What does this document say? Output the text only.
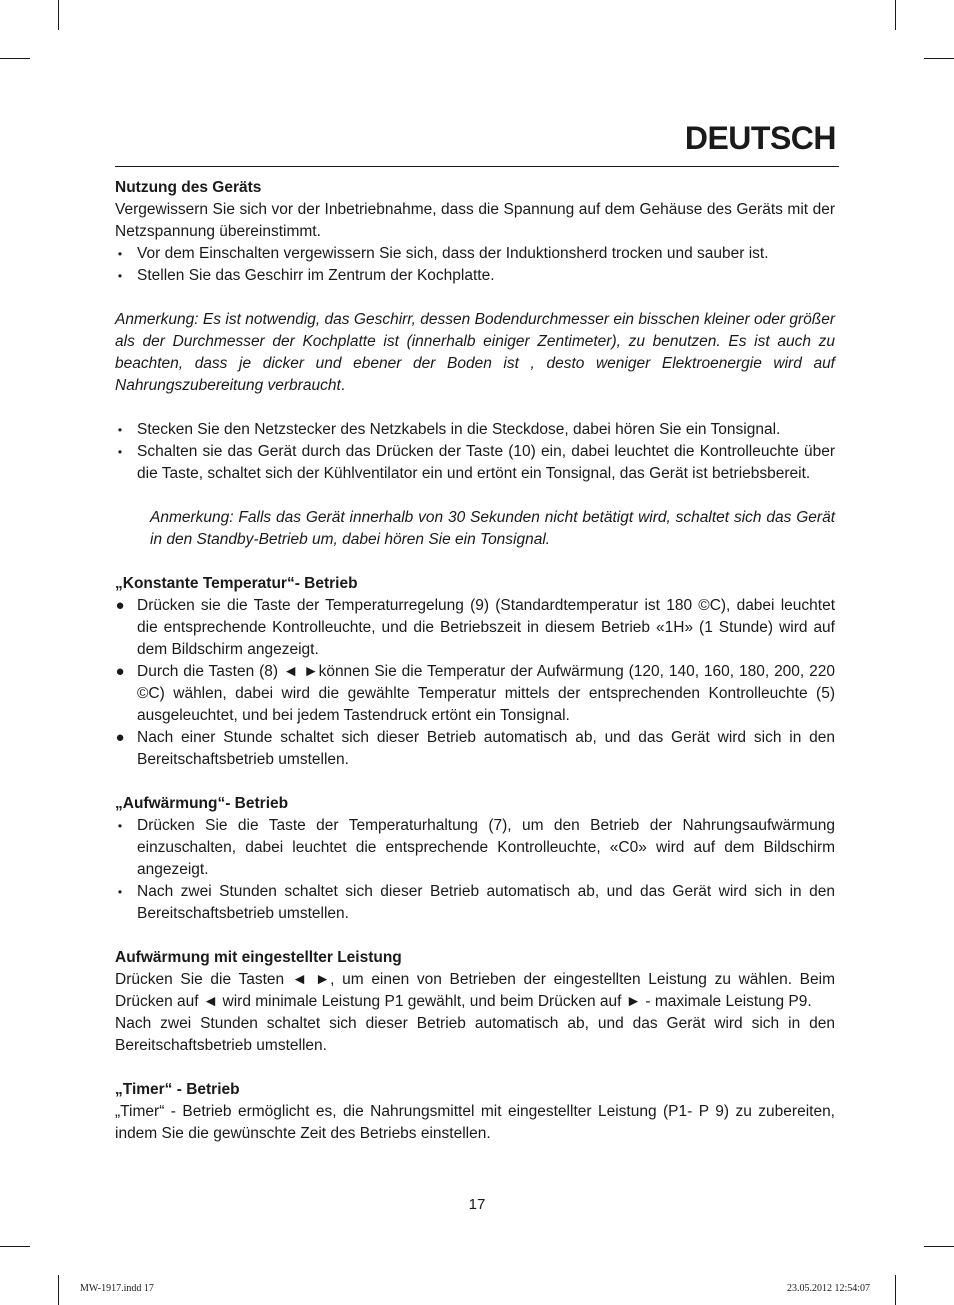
DEUTSCH

Nutzung des Geräts

Vergewissern Sie sich vor der Inbetriebnahme, dass die Spannung auf dem Gehäuse des Geräts mit der Netzspannung übereinstimmt.

• Vor dem Einschalten vergewissern Sie sich, dass der Induktionsherd trocken und sauber ist.
• Stellen Sie das Geschirr im Zentrum der Kochplatte.

Anmerkung: Es ist notwendig, das Geschirr, dessen Bodendurchmesser ein bisschen kleiner oder größer als der Durchmesser der Kochplatte ist (innerhalb einiger Zentimeter), zu benutzen. Es ist auch zu beachten, dass je dicker und ebener der Boden ist , desto weniger Elektroenergie wird auf Nahrungszubereitung verbraucht.

• Stecken Sie den Netzstecker des Netzkabels in die Steckdose, dabei hören Sie ein Tonsignal.
• Schalten sie das Gerät durch das Drücken der Taste (10) ein, dabei leuchtet die Kontrolleuchte über die Taste, schaltet sich der Kühlventilator ein und ertönt ein Tonsignal, das Gerät ist betriebsbereit.

Anmerkung: Falls das Gerät innerhalb von 30 Sekunden nicht betätigt wird, schaltet sich das Gerät in den Standby-Betrieb um, dabei hören Sie ein Tonsignal.

„Konstante Temperatur“- Betrieb

● Drücken sie die Taste der Temperaturregelung (9) (Standardtemperatur ist 180 ©C), dabei leuchtet die entsprechende Kontrolleuchte, und die Betriebszeit in diesem Betrieb «1H» (1 Stunde) wird auf dem Bildschirm angezeigt.
● Durch die Tasten (8) ◄ ►können Sie die Temperatur der Aufwärmung (120, 140, 160, 180, 200, 220 ©C) wählen, dabei wird die gewählte Temperatur mittels der entsprechenden Kontrolleuchte (5) ausgeleuchtet, und bei jedem Tastendruck ertönt ein Tonsignal.
● Nach einer Stunde schaltet sich dieser Betrieb automatisch ab, und das Gerät wird sich in den Bereitschaftsbetrieb umstellen.

„Aufwärmung“- Betrieb

• Drücken Sie die Taste der Temperaturhaltung (7), um den Betrieb der Nahrungsaufwärmung einzuschalten, dabei leuchtet die entsprechende Kontrolleuchte, «C0» wird auf dem Bildschirm angezeigt.
• Nach zwei Stunden schaltet sich dieser Betrieb automatisch ab, und das Gerät wird sich in den Bereitschaftsbetrieb umstellen.

Aufwärmung mit eingestellter Leistung

Drücken Sie die Tasten ◄ ►, um einen von Betrieben der eingestellten Leistung zu wählen. Beim Drücken auf ◄ wird minimale Leistung P1 gewählt, und beim Drücken auf ► - maximale Leistung P9.

Nach zwei Stunden schaltet sich dieser Betrieb automatisch ab, und das Gerät wird sich in den Bereitschaftsbetrieb umstellen.

„Timer“ - Betrieb

„Timer“ - Betrieb ermöglicht es, die Nahrungsmittel mit eingestellter Leistung (P1- P 9) zu zubereiten, indem Sie die gewünschte Zeit des Betriebs einstellen.

17
MW-1917.indd 17	23.05.2012 12:54:07
